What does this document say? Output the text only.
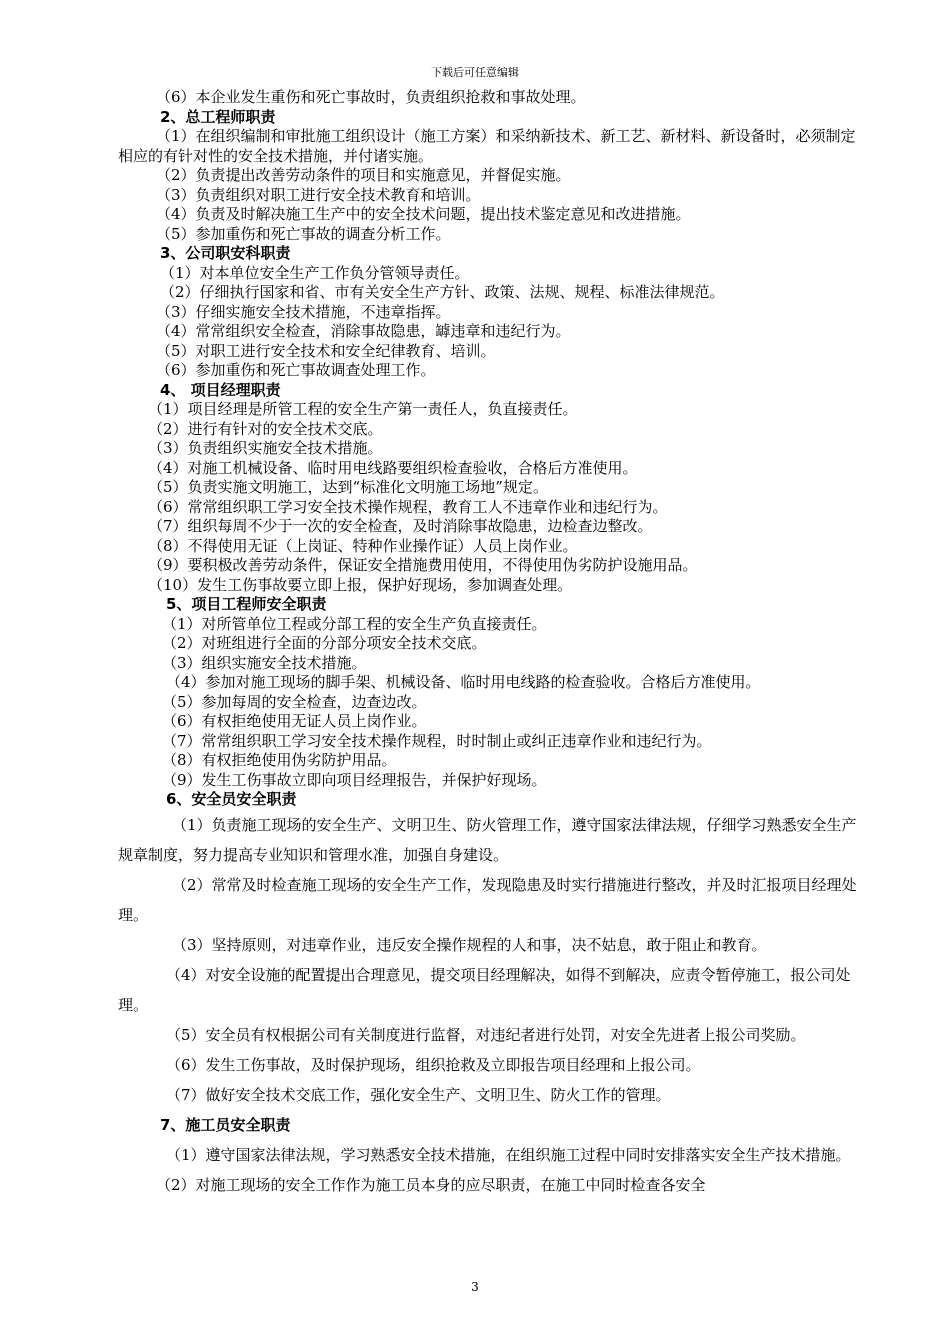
下载后可任意编辑
（6）本企业发生重伤和死亡事故时，负责组织抢救和事故处理。
2、总工程师职责
（1）在组织编制和审批施工组织设计（施工方案）和采纳新技术、新工艺、新材料、新设备时，必须制定相应的有针对性的安全技术措施，并付诸实施。
（2）负责提出改善劳动条件的项目和实施意见，并督促实施。
（3）负责组织对职工进行安全技术教育和培训。
（4）负责及时解决施工生产中的安全技术问题，提出技术鉴定意见和改进措施。
（5）参加重伤和死亡事故的调查分析工作。
3、公司职安科职责
（1）对本单位安全生产工作负分管领导责任。
（2）仔细执行国家和省、市有关安全生产方针、政策、法规、规程、标准法律规范。
（3）仔细实施安全技术措施，不违章指挥。
（4）常常组织安全检查，消除事故隐患，罅违章和违纪行为。
（5）对职工进行安全技术和安全纪律教育、培训。
（6）参加重伤和死亡事故调查处理工作。
4、 项目经理职责
（1）项目经理是所管工程的安全生产第一责任人，负直接责任。
（2）进行有针对的安全技术交底。
（3）负责组织实施安全技术措施。
（4）对施工机械设备、临时用电线路要组织检查验收，合格后方准使用。
（5）负责实施文明施工，达到“标准化文明施工场地”规定。
（6）常常组织职工学习安全技术操作规程，教育工人不违章作业和违纪行为。
（7）组织每周不少于一次的安全检查，及时消除事故隐患，边检查边整改。
（8）不得使用无证（上岗证、特种作业操作证）人员上岗作业。
（9）要积极改善劳动条件，保证安全措施费用使用，不得使用伪劣防护设施用品。
（10）发生工伤事故要立即上报，保护好现场，参加调查处理。
5、项目工程师安全职责
（1）对所管单位工程或分部工程的安全生产负直接责任。
（2）对班组进行全面的分部分项安全技术交底。
（3）组织实施安全技术措施。
（4）参加对施工现场的脚手架、机械设备、临时用电线路的检查验收。合格后方准使用。
（5）参加每周的安全检查，边查边改。
（6）有权拒绝使用无证人员上岗作业。
（7）常常组织职工学习安全技术操作规程，时时制止或纠正违章作业和违纪行为。
（8）有权拒绝使用伪劣防护用品。
（9）发生工伤事故立即向项目经理报告，并保护好现场。
6、安全员安全职责
（1）负责施工现场的安全生产、文明卫生、防火管理工作，遵守国家法律法规，仔细学习熟悉安全生产规章制度，努力提高专业知识和管理水准，加强自身建设。
（2）常常及时检查施工现场的安全生产工作，发现隐患及时实行措施进行整改，并及时汇报项目经理处理。
（3）坚持原则，对违章作业，违反安全操作规程的人和事，决不姑息，敢于阻止和教育。
（4）对安全设施的配置提出合理意见，提交项目经理解决，如得不到解决，应责令暂停施工，报公司处理。
（5）安全员有权根据公司有关制度进行监督，对违纪者进行处罚，对安全先进者上报公司奖励。
（6）发生工伤事故，及时保护现场，组织抢救及立即报告项目经理和上报公司。
（7）做好安全技术交底工作，强化安全生产、文明卫生、防火工作的管理。
7、施工员安全职责
（1）遵守国家法律法规，学习熟悉安全技术措施，在组织施工过程中同时安排落实安全生产技术措施。
（2）对施工现场的安全工作作为施工员本身的应尽职责，在施工中同时检查各安全
3
